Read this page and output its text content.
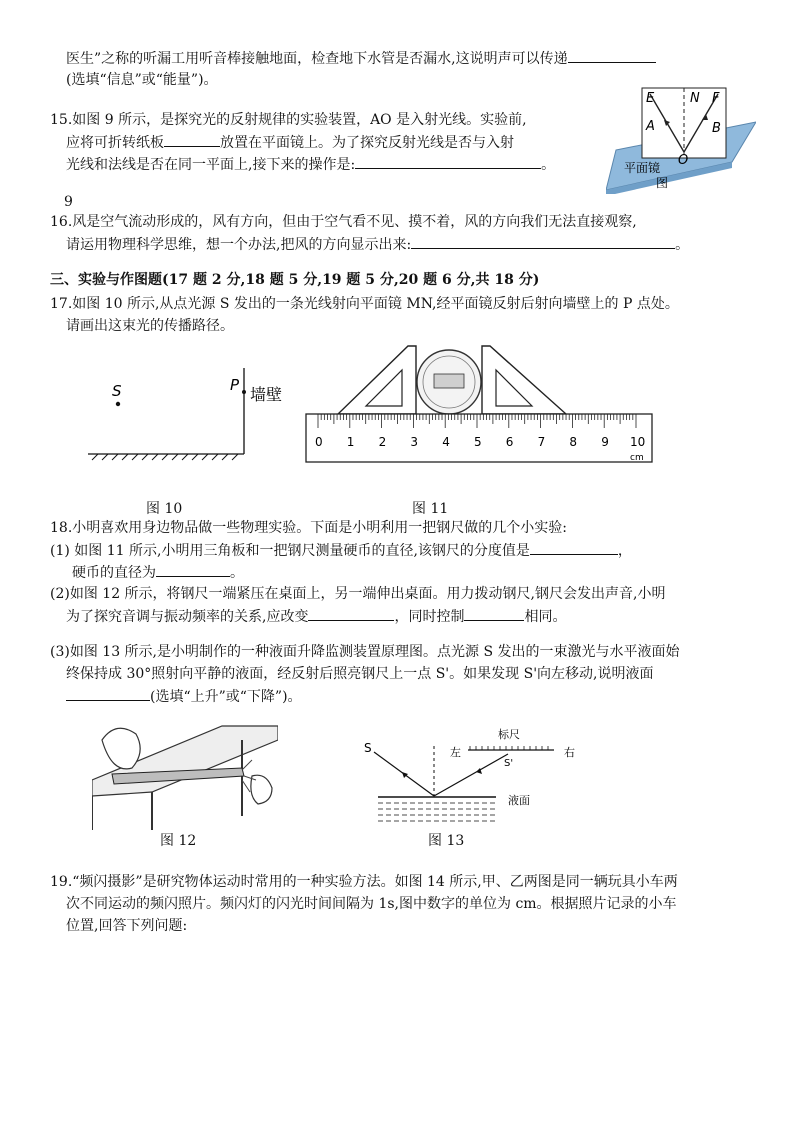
医生”之称的听漏工用听音棒接触地面，检查地下水管是否漏水,这说明声可以传递
(选填“信息”或“能量”)。
15.如图 9 所示，是探究光的反射规律的实验装置，AO 是入射光线。实验前,
应将可折转纸板	放置在平面镜上。为了探究反射光线是否与入射
光线和法线是否在同一平面上,接下来的操作是:	。
9
E	N F
A	B
O
平面镜
图
16.风是空气流动形成的，风有方向，但由于空气看不见、摸不着，风的方向我们无法直接观察,
请运用物理科学思维，想一个办法,把风的方向显示出来:	。
三、实验与作图题(17 题 2 分,18 题 5 分,19 题 5 分,20 题 6 分,共 18 分)
17.如图 10 所示,从点光源 S 发出的一条光线射向平面镜 MN,经平面镜反射后射向墙壁上的 P 点处。
请画出这束光的传播路径。
S	P 墙壁
图 10
0 1 2 3 4 5 6 7 8 9 10
cm
图 11
18.小明喜欢用身边物品做一些物理实验。下面是小明利用一把钢尺做的几个小实验:
(1) 如图 11 所示,小明用三角板和一把钢尺测量硬币的直径,该钢尺的分度值是	，
硬币的直径为	。
(2)如图 12 所示，将钢尺一端紧压在桌面上，另一端伸出桌面。用力拨动钢尺,钢尺会发出声音,小明
为了探究音调与振动频率的关系,应改变	，同时控制	相同。
(3)如图 13 所示,是小明制作的一种液面升降监测装置原理图。点光源 S 发出的一束激光与水平液面始
终保持成 30°照射向平静的液面，经反射后照亮钢尺上一点 S'。如果发现 S'向左移动,说明液面
(选填“上升”或“下降”)。
图 12
S
标尺
左	右
S'
液面
图 13
19.“频闪摄影”是研究物体运动时常用的一种实验方法。如图 14 所示,甲、乙两图是同一辆玩具小车两
次不同运动的频闪照片。频闪灯的闪光时间间隔为 1s,图中数字的单位为 cm。根据照片记录的小车
位置,回答下列问题:
